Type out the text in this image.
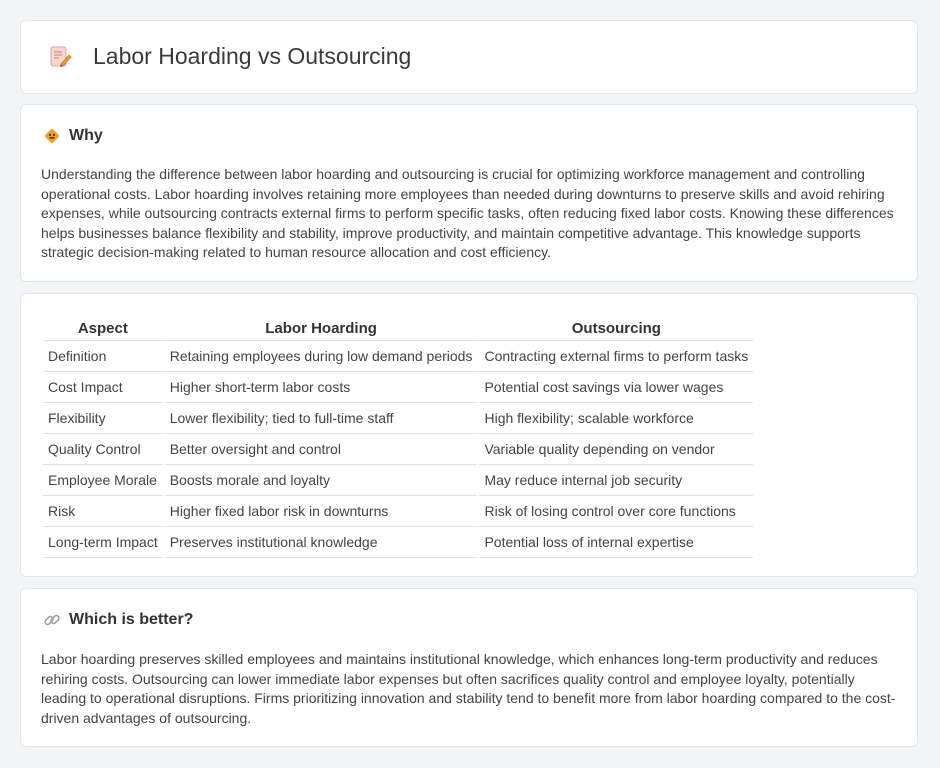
Labor Hoarding vs Outsourcing
Why
Understanding the difference between labor hoarding and outsourcing is crucial for optimizing workforce management and controlling operational costs. Labor hoarding involves retaining more employees than needed during downturns to preserve skills and avoid rehiring expenses, while outsourcing contracts external firms to perform specific tasks, often reducing fixed labor costs. Knowing these differences helps businesses balance flexibility and stability, improve productivity, and maintain competitive advantage. This knowledge supports strategic decision-making related to human resource allocation and cost efficiency.
Aspect	Labor Hoarding	Outsourcing
Definition	Retaining employees during low demand periods	Contracting external firms to perform tasks
Cost Impact	Higher short-term labor costs	Potential cost savings via lower wages
Flexibility	Lower flexibility; tied to full-time staff	High flexibility; scalable workforce
Quality Control	Better oversight and control	Variable quality depending on vendor
Employee Morale	Boosts morale and loyalty	May reduce internal job security
Risk	Higher fixed labor risk in downturns	Risk of losing control over core functions
Long-term Impact	Preserves institutional knowledge	Potential loss of internal expertise
Which is better?
Labor hoarding preserves skilled employees and maintains institutional knowledge, which enhances long-term productivity and reduces rehiring costs. Outsourcing can lower immediate labor expenses but often sacrifices quality control and employee loyalty, potentially leading to operational disruptions. Firms prioritizing innovation and stability tend to benefit more from labor hoarding compared to the cost-driven advantages of outsourcing.
